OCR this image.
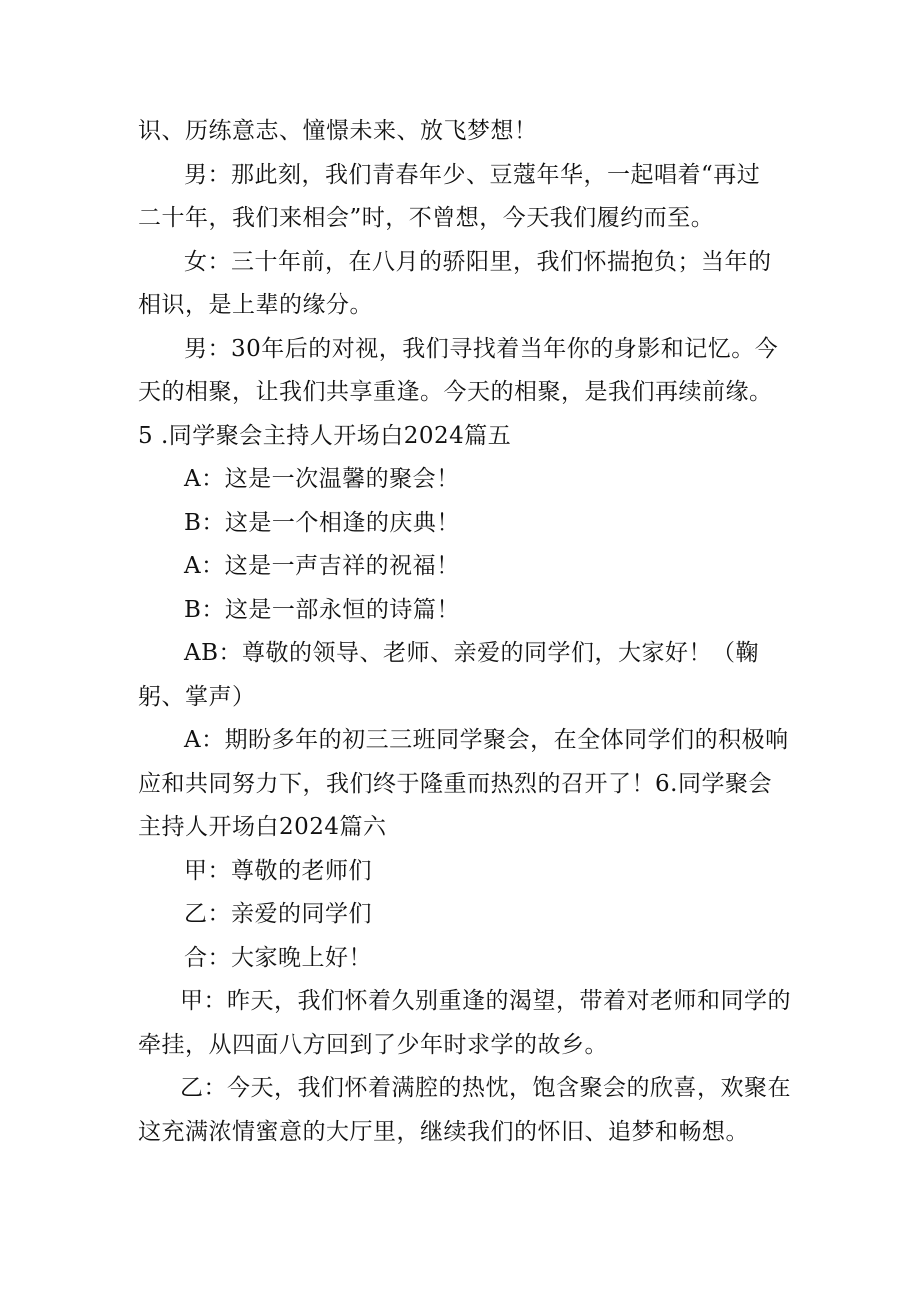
识、历练意志、憧憬未来、放飞梦想！
男：那此刻，我们青春年少、豆蔻年华，一起唱着“再过
二十年，我们来相会”时，不曾想，今天我们履约而至。
女：三十年前，在八月的骄阳里，我们怀揣抱负；当年的
相识，是上辈的缘分。
男：30年后的对视，我们寻找着当年你的身影和记忆。今
天的相聚，让我们共享重逢。今天的相聚，是我们再续前缘。
5 .同学聚会主持人开场白2024篇五
A：这是一次温馨的聚会！
B：这是一个相逢的庆典！
A：这是一声吉祥的祝福！
B：这是一部永恒的诗篇！
AB：尊敬的领导、老师、亲爱的同学们，大家好！（鞠
躬、掌声）
A：期盼多年的初三三班同学聚会，在全体同学们的积极响
应和共同努力下，我们终于隆重而热烈的召开了！6.同学聚会
主持人开场白2024篇六
甲：尊敬的老师们
乙：亲爱的同学们
合：大家晚上好！
甲：昨天，我们怀着久别重逢的渴望，带着对老师和同学的
牵挂，从四面八方回到了少年时求学的故乡。
乙：今天，我们怀着满腔的热忱，饱含聚会的欣喜，欢聚在
这充满浓情蜜意的大厅里，继续我们的怀旧、追梦和畅想。
